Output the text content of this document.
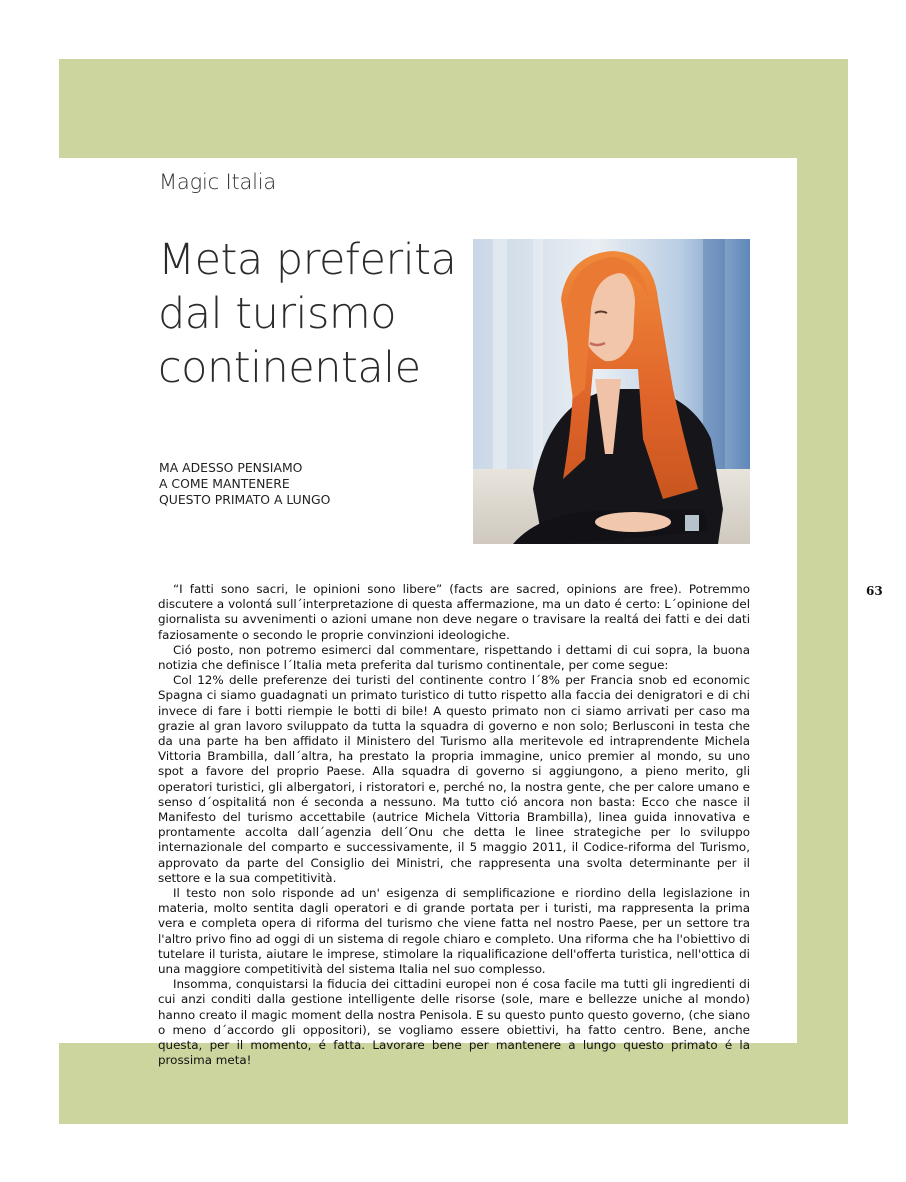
Magic Italia
Meta preferita
dal turismo
continentale
MA ADESSO PENSIAMO
A COME MANTENERE
QUESTO PRIMATO A LUNGO

“I fatti sono sacri, le opinioni sono libere” (facts are sacred, opinions are free). Potremmo discutere a volontá sull´interpretazione di questa affermazione, ma un dato é certo: L´opinione del giornalista su avvenimenti o azioni umane non deve negare o travisare la realtá dei fatti e dei dati faziosamente o secondo le proprie convinzioni ideologiche.

Ció posto, non potremo esimerci dal commentare, rispettando i dettami di cui sopra, la buona notizia che definisce l´Italia meta preferita dal turismo continentale, per come segue:

Col 12% delle preferenze dei turisti del continente contro l´8% per Francia snob ed economic Spagna ci siamo guadagnati un primato turistico di tutto rispetto alla faccia dei denigratori e di chi invece di fare i botti riempie le botti di bile! A questo primato non ci siamo arrivati per caso ma grazie al gran lavoro sviluppato da tutta la squadra di governo e non solo; Berlusconi in testa che da una parte ha ben affidato il Ministero del Turismo alla meritevole ed intraprendente Michela Vittoria Brambilla, dall´altra, ha prestato la propria immagine, unico premier al mondo, su uno spot a favore del proprio Paese. Alla squadra di governo si aggiungono, a pieno merito, gli operatori turistici, gli albergatori, i ristoratori e, perché no, la nostra gente, che per calore umano e senso d´ospitalitá non é seconda a nessuno. Ma tutto ció ancora non basta: Ecco che nasce il Manifesto del turismo accettabile (autrice Michela Vittoria Brambilla), linea guida innovativa e prontamente accolta dall´agenzia dell´Onu che detta le linee strategiche per lo sviluppo internazionale del comparto e successivamente, il 5 maggio 2011, il Codice-riforma del Turismo, approvato da parte del Consiglio dei Ministri, che rappresenta una svolta determinante per il settore e la sua competitività.

Il testo non solo risponde ad un' esigenza di semplificazione e riordino della legislazione in materia, molto sentita dagli operatori e di grande portata per i turisti, ma rappresenta la prima vera e completa opera di riforma del turismo che viene fatta nel nostro Paese, per un settore tra l'altro privo fino ad oggi di un sistema di regole chiaro e completo. Una riforma che ha l'obiettivo di tutelare il turista, aiutare le imprese, stimolare la riqualificazione dell'offerta turistica, nell'ottica di una maggiore competitività del sistema Italia nel suo complesso.

Insomma, conquistarsi la fiducia dei cittadini europei non é cosa facile ma tutti gli ingredienti di cui anzi conditi dalla gestione intelligente delle risorse (sole, mare e bellezze uniche al mondo) hanno creato il magic moment della nostra Penisola. E su questo punto questo governo, (che siano o meno d´accordo gli oppositori), se vogliamo essere obiettivi, ha fatto centro. Bene, anche questa, per il momento, é fatta. Lavorare bene per mantenere a lungo questo primato é la prossima meta!

63
